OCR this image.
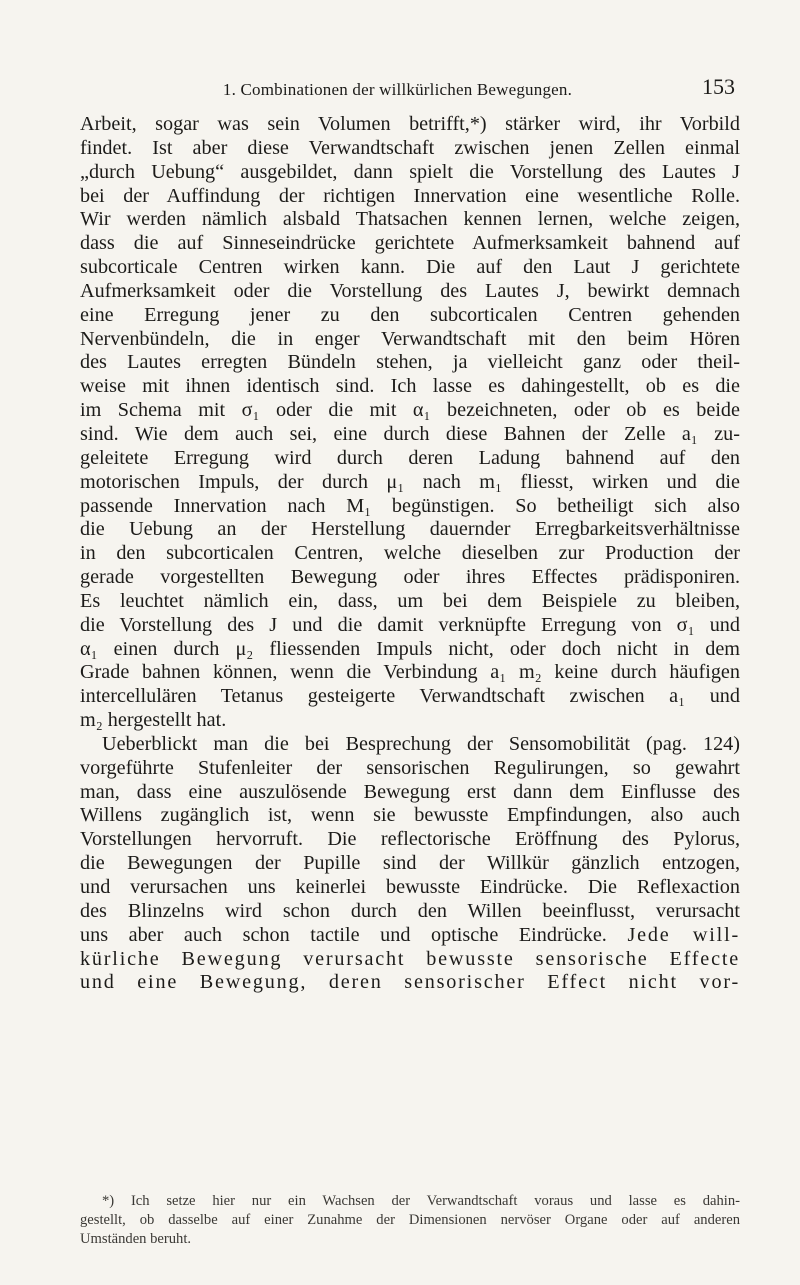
1. Combinationen der willkürlichen Bewegungen.	153
Arbeit, sogar was sein Volumen betrifft,*) stärker wird, ihr Vorbild
findet. Ist aber diese Verwandtschaft zwischen jenen Zellen einmal
„durch Uebung“ ausgebildet, dann spielt die Vorstellung des Lautes J
bei der Auffindung der richtigen Innervation eine wesentliche Rolle.
Wir werden nämlich alsbald Thatsachen kennen lernen, welche zeigen,
dass die auf Sinneseindrücke gerichtete Aufmerksamkeit bahnend auf
subcorticale Centren wirken kann. Die auf den Laut J gerichtete
Aufmerksamkeit oder die Vorstellung des Lautes J, bewirkt demnach
eine Erregung jener zu den subcorticalen Centren gehenden
Nervenbündeln, die in enger Verwandtschaft mit den beim Hören
des Lautes erregten Bündeln stehen, ja vielleicht ganz oder theil-
weise mit ihnen identisch sind. Ich lasse es dahingestellt, ob es die
im Schema mit σ₁ oder die mit α₁ bezeichneten, oder ob es beide
sind. Wie dem auch sei, eine durch diese Bahnen der Zelle a₁ zu-
geleitete Erregung wird durch deren Ladung bahnend auf den
motorischen Impuls, der durch μ₁ nach m₁ fliesst, wirken und die
passende Innervation nach M₁ begünstigen. So betheiligt sich also
die Uebung an der Herstellung dauernder Erregbarkeitsverhältnisse
in den subcorticalen Centren, welche dieselben zur Production der
gerade vorgestellten Bewegung oder ihres Effectes prädisponiren.
Es leuchtet nämlich ein, dass, um bei dem Beispiele zu bleiben,
die Vorstellung des J und die damit verknüpfte Erregung von σ₁ und
α₁ einen durch μ₂ fliessenden Impuls nicht, oder doch nicht in dem
Grade bahnen können, wenn die Verbindung a₁ m₂ keine durch häufigen
intercellulären Tetanus gesteigerte Verwandtschaft zwischen a₁ und
m₂ hergestellt hat.
Ueberblickt man die bei Besprechung der Sensomobilität (pag. 124)
vorgeführte Stufenleiter der sensorischen Regulirungen, so gewahrt
man, dass eine auszulösende Bewegung erst dann dem Einflusse des
Willens zugänglich ist, wenn sie bewusste Empfindungen, also auch
Vorstellungen hervorruft. Die reflectorische Eröffnung des Pylorus,
die Bewegungen der Pupille sind der Willkür gänzlich entzogen,
und verursachen uns keinerlei bewusste Eindrücke. Die Reflexaction
des Blinzelns wird schon durch den Willen beeinflusst, verursacht
uns aber auch schon tactile und optische Eindrücke. Jede will-
kürliche Bewegung verursacht bewusste sensorische Effecte
und eine Bewegung, deren sensorischer Effect nicht vor-
*) Ich setze hier nur ein Wachsen der Verwandtschaft voraus und lasse es dahin-
gestellt, ob dasselbe auf einer Zunahme der Dimensionen nervöser Organe oder auf anderen
Umständen beruht.
